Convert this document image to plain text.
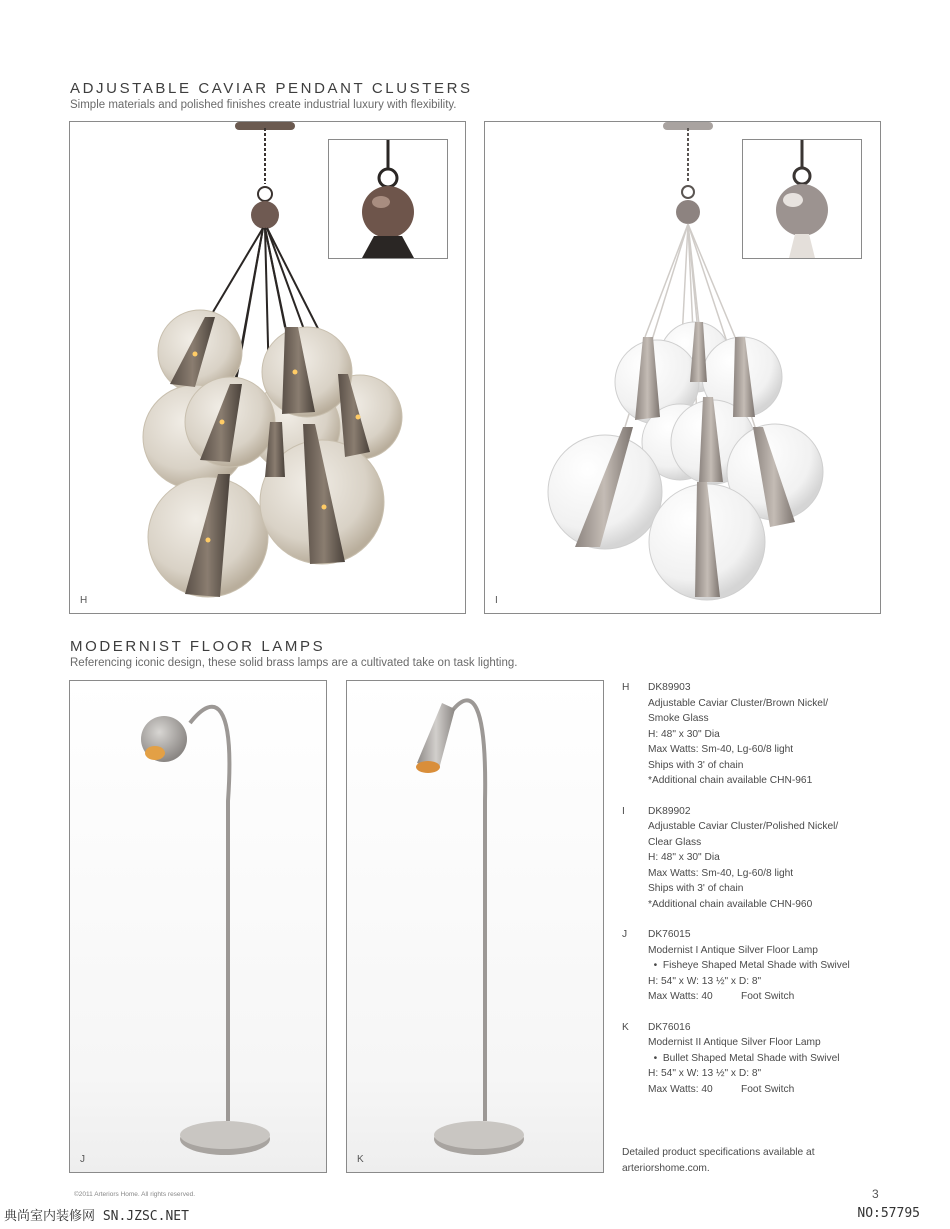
ADJUSTABLE CAVIAR PENDANT CLUSTERS

Simple materials and polished finishes create industrial luxury with flexibility.

H	I
MODERNIST FLOOR LAMPS

Referencing iconic design, these solid brass lamps are a cultivated take on task lighting.

J	K
H DK89903
Adjustable Caviar Cluster/Brown Nickel/
Smoke Glass
H: 48" x 30" Dia
Max Watts: Sm-40, Lg-60/8 light
Ships with 3' of chain
*Additional chain available CHN-961
I DK89902
Adjustable Caviar Cluster/Polished Nickel/
Clear Glass
H: 48" x 30" Dia
Max Watts: Sm-40, Lg-60/8 light
Ships with 3' of chain
*Additional chain available CHN-960
J DK76015
Modernist I Antique Silver Floor Lamp
•  Fisheye Shaped Metal Shade with Swivel
H: 54" x W: 13 ½" x D: 8"
Max Watts: 40          Foot Switch
K DK76016
Modernist II Antique Silver Floor Lamp
•  Bullet Shaped Metal Shade with Swivel
H: 54" x W: 13 ½" x D: 8"
Max Watts: 40          Foot Switch
Detailed product specifications available at
arteriorshome.com.
©2011 Arteriors Home. All rights reserved.	3
典尚室内装修网 SN.JZSC.NET	NO:57795
